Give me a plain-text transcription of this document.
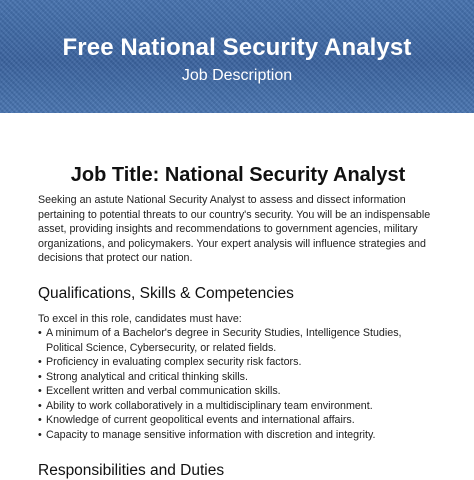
Free National Security Analyst
Job Description
Job Title: National Security Analyst

Seeking an astute National Security Analyst to assess and dissect information pertaining to potential threats to our country's security. You will be an indispensable asset, providing insights and recommendations to government agencies, military organizations, and policymakers. Your expert analysis will influence strategies and decisions that protect our nation.

Qualifications, Skills & Competencies

To excel in this role, candidates must have:

• A minimum of a Bachelor's degree in Security Studies, Intelligence Studies, Political Science, Cybersecurity, or related fields.
• Proficiency in evaluating complex security risk factors.
• Strong analytical and critical thinking skills.
• Excellent written and verbal communication skills.
• Ability to work collaboratively in a multidisciplinary team environment.
• Knowledge of current geopolitical events and international affairs.
• Capacity to manage sensitive information with discretion and integrity.
Responsibilities and Duties
